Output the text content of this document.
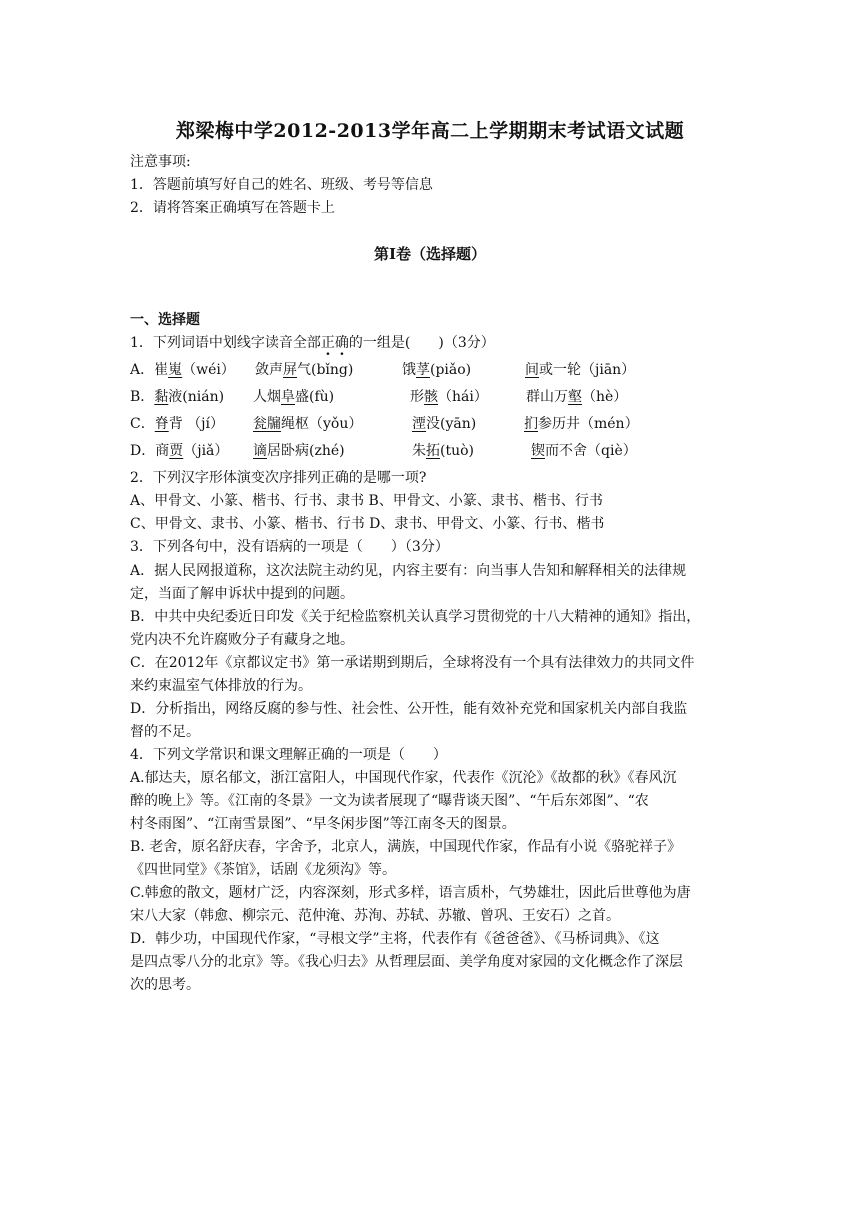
郑梁梅中学2012-2013学年高二上学期期末考试语文试题
注意事项:
1．答题前填写好自己的姓名、班级、考号等信息
2．请将答案正确填写在答题卡上
第I卷（选择题）
一、选择题
1．下列词语中划线字读音全部正确的一组是(　　)（3分）
A．崔嵬（wéi） 敛声屏气(bǐng)	饿莩(piǎo)	间或一轮（jiān）
B．黏液(nián) 人烟阜盛(fù)	形骸（hái）	群山万壑（hè）
C．脊背 （jí） 瓮牖绳枢（yǒu）	湮没(yān)	扪参历井（mén）
D．商贾（jiǎ） 谪居卧病(zhé)	朱拓(tuò)	锲而不舍（qiè）
2．下列汉字形体演变次序排列正确的是哪一项?
A、甲骨文、小篆、楷书、行书、隶书 B、甲骨文、小篆、隶书、楷书、行书
C、甲骨文、隶书、小篆、楷书、行书 D、隶书、甲骨文、小篆、行书、楷书
3．下列各句中，没有语病的一项是（　　）（3分）
A．据人民网报道称，这次法院主动约见，内容主要有：向当事人告知和解释相关的法律规
定，当面了解申诉状中提到的问题。
B．中共中央纪委近日印发《关于纪检监察机关认真学习贯彻党的十八大精神的通知》指出，
党内决不允许腐败分子有藏身之地。
C．在2012年《京都议定书》第一承诺期到期后，全球将没有一个具有法律效力的共同文件
来约束温室气体排放的行为。
D．分析指出，网络反腐的参与性、社会性、公开性，能有效补充党和国家机关内部自我监
督的不足。
4．下列文学常识和课文理解正确的一项是（　　）
A.郁达夫，原名郁文，浙江富阳人，中国现代作家，代表作《沉沦》《故都的秋》《春风沉
醉的晚上》等。《江南的冬景》一文为读者展现了“曝背谈天图”、“午后东郊图”、“农
村冬雨图”、“江南雪景图”、“早冬闲步图”等江南冬天的图景。
B. 老舍，原名舒庆春，字舍予，北京人，满族，中国现代作家，作品有小说《骆驼祥子》
《四世同堂》《茶馆》，话剧《龙须沟》等。
C.韩愈的散文，题材广泛，内容深刻，形式多样，语言质朴，气势雄壮，因此后世尊他为唐
宋八大家（韩愈、柳宗元、范仲淹、苏洵、苏轼、苏辙、曾巩、王安石）之首。
D．韩少功，中国现代作家，“寻根文学”主将，代表作有《爸爸爸》、《马桥词典》、《这
是四点零八分的北京》等。《我心归去》从哲理层面、美学角度对家园的文化概念作了深层
次的思考。
